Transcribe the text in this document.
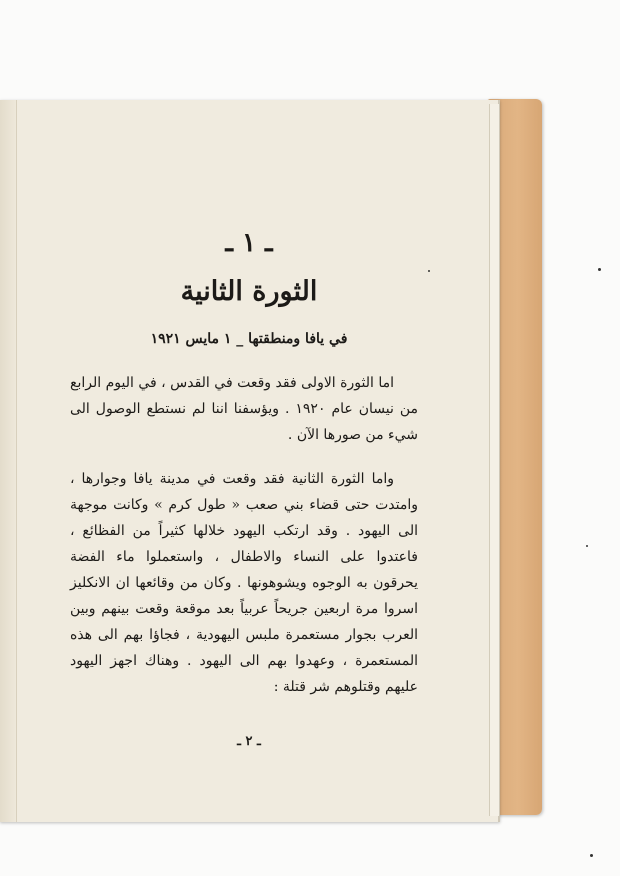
ـ ١ ـ
الثورة الثانية
في يافا ومنطقتها _ ١ مايس ١٩٢١

اما الثورة الاولى فقد وقعت في القدس ، في اليوم الرابع من نيسان عام ١٩٢٠ . ويؤسفنا اننا لم نستطع الوصول الى شيء من صورها الآن .

واما الثورة الثانية فقد وقعت في مدينة يافا وجوارها ، وامتدت حتى قضاء بني صعب « طول كرم » وكانت موجهة الى اليهود . وقد ارتكب اليهود خلالها كثيراً من الفظائع ، فاعتدوا على النساء والاطفال ، واستعملوا ماء الفضة يحرقون به الوجوه ويشوهونها . وكان من وقائعها ان الانكليز اسروا مرة اربعين جريحاً عربياً بعد موقعة وقعت بينهم وبين العرب بجوار مستعمرة ملبس اليهودية ، فجاؤا بهم الى هذه المستعمرة ، وعهدوا بهم الى اليهود . وهناك اجهز اليهود عليهم وقتلوهم شر قتلة :

ـ ٢ ـ
